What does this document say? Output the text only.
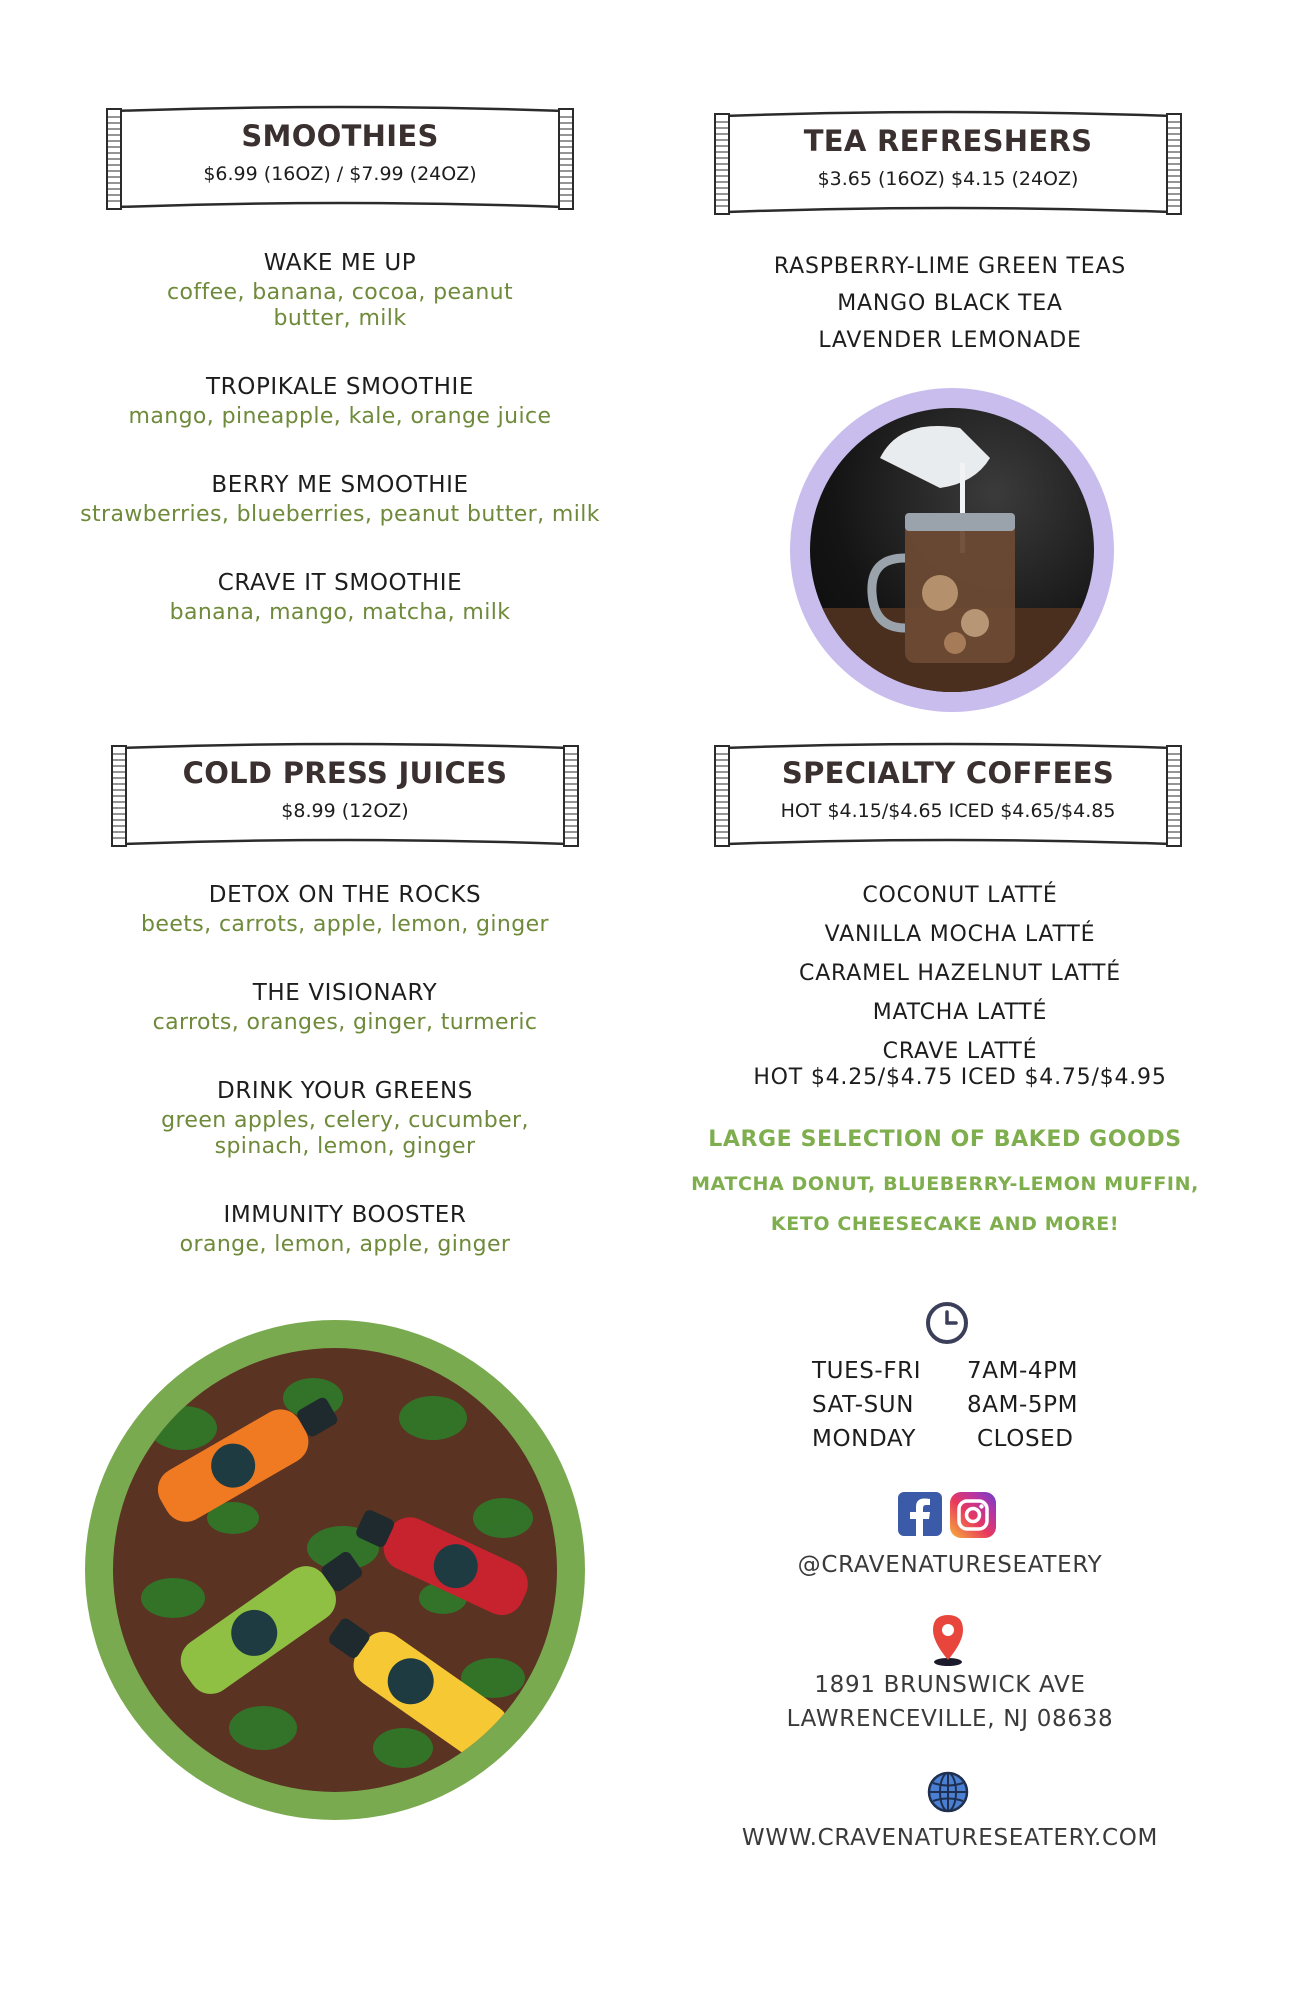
SMOOTHIES
$6.99 (16OZ) / $7.99 (24OZ)
WAKE ME UP
coffee, banana, cocoa, peanut butter, milk
TROPIKALE SMOOTHIE
mango, pineapple, kale, orange juice
BERRY ME SMOOTHIE
strawberries, blueberries, peanut butter, milk
CRAVE IT SMOOTHIE
banana, mango, matcha, milk
TEA REFRESHERS
$3.65 (16OZ) $4.15 (24OZ)
RASPBERRY-LIME GREEN TEAS
MANGO BLACK TEA
LAVENDER LEMONADE
COLD PRESS JUICES
$8.99 (12OZ)
DETOX ON THE ROCKS
beets, carrots, apple, lemon, ginger
THE VISIONARY
carrots, oranges, ginger, turmeric
DRINK YOUR GREENS
green apples, celery, cucumber, spinach, lemon, ginger
IMMUNITY BOOSTER
orange, lemon, apple, ginger
SPECIALTY COFFEES
HOT $4.15/$4.65 ICED $4.65/$4.85
COCONUT LATTÉ
VANILLA MOCHA LATTÉ
CARAMEL HAZELNUT LATTÉ
MATCHA LATTÉ
CRAVE LATTÉ
HOT $4.25/$4.75 ICED $4.75/$4.95
LARGE SELECTION OF BAKED GOODS
MATCHA DONUT, BLUEBERRY-LEMON MUFFIN,
KETO CHEESECAKE AND MORE!
TUES-FRI	7AM-4PM
SAT-SUN	8AM-5PM
MONDAY	CLOSED
@CRAVENATURESEATERY
1891 BRUNSWICK AVE
LAWRENCEVILLE, NJ 08638
WWW.CRAVENATURESEATERY.COM
